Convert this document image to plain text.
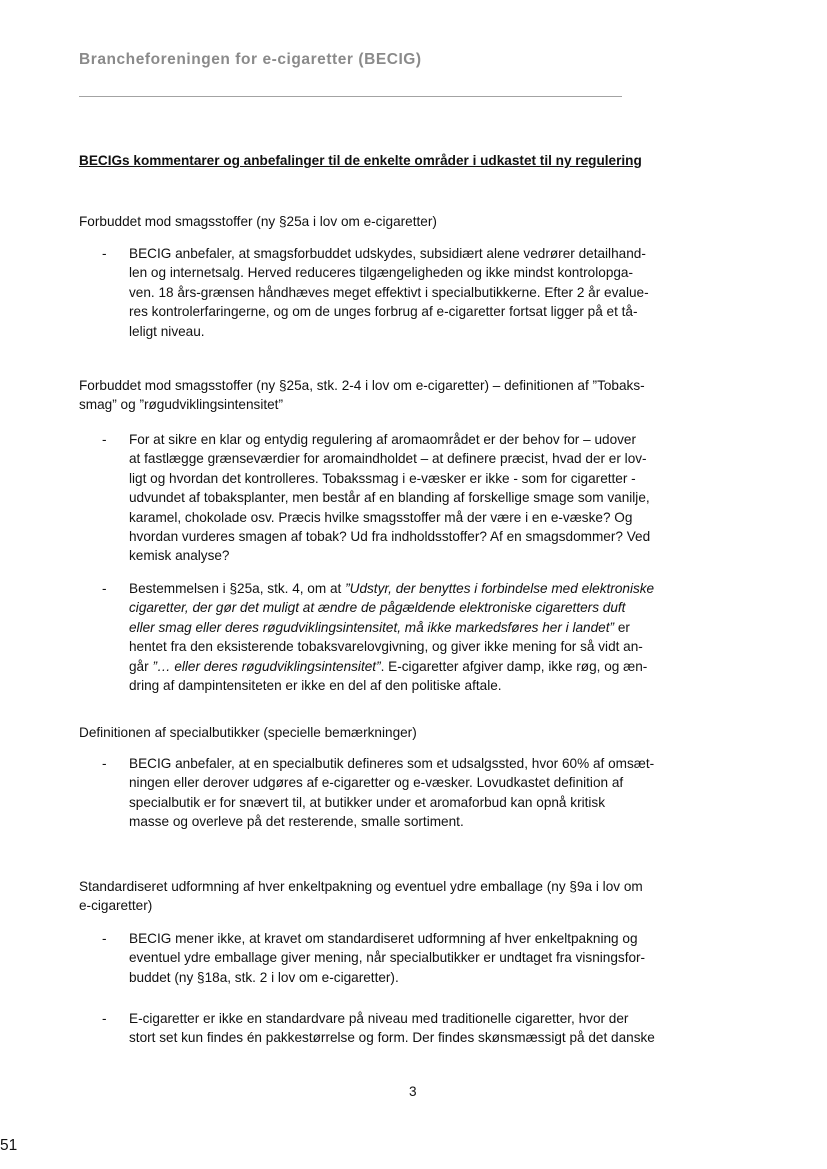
Brancheforeningen for e-cigaretter (BECIG)
BECIGs kommentarer og anbefalinger til de enkelte områder i udkastet til ny regulering

Forbuddet mod smagsstoffer (ny §25a i lov om e-cigaretter)

- BECIG anbefaler, at smagsforbuddet udskydes, subsidiært alene vedrører detailhand-
len og internetsalg. Herved reduceres tilgængeligheden og ikke mindst kontrolopga-
ven. 18 års-grænsen håndhæves meget effektivt i specialbutikkerne. Efter 2 år evalue-
res kontrolerfaringerne, og om de unges forbrug af e-cigaretter fortsat ligger på et tå-
leligt niveau.
Forbuddet mod smagsstoffer (ny §25a, stk. 2-4 i lov om e-cigaretter) – definitionen af ”Tobaks-
smag” og ”røgudviklingsintensitet”
- For at sikre en klar og entydig regulering af aromaområdet er der behov for – udover
at fastlægge grænseværdier for aromaindholdet – at definere præcist, hvad der er lov-
ligt og hvordan det kontrolleres. Tobakssmag i e-væsker er ikke - som for cigaretter -
udvundet af tobaksplanter, men består af en blanding af forskellige smage som vanilje,
karamel, chokolade osv. Præcis hvilke smagsstoffer må der være i en e-væske? Og
hvordan vurderes smagen af tobak? Ud fra indholdsstoffer? Af en smagsdommer? Ved
kemisk analyse?
- Bestemmelsen i §25a, stk. 4, om at ”Udstyr, der benyttes i forbindelse med elektroniske
cigaretter, der gør det muligt at ændre de pågældende elektroniske cigaretters duft
eller smag eller deres røgudviklingsintensitet, må ikke markedsføres her i landet” er
hentet fra den eksisterende tobaksvarelovgivning, og giver ikke mening for så vidt an-
går ”… eller deres røgudviklingsintensitet”. E-cigaretter afgiver damp, ikke røg, og æn-
dring af dampintensiteten er ikke en del af den politiske aftale.

Definitionen af specialbutikker (specielle bemærkninger)

- BECIG anbefaler, at en specialbutik defineres som et udsalgssted, hvor 60% af omsæt-
ningen eller derover udgøres af e-cigaretter og e-væsker. Lovudkastet definition af
specialbutik er for snævert til, at butikker under et aromaforbud kan opnå kritisk
masse og overleve på det resterende, smalle sortiment.
Standardiseret udformning af hver enkeltpakning og eventuel ydre emballage (ny §9a i lov om
e-cigaretter)
- BECIG mener ikke, at kravet om standardiseret udformning af hver enkeltpakning og
eventuel ydre emballage giver mening, når specialbutikker er undtaget fra visningsfor-
buddet (ny §18a, stk. 2 i lov om e-cigaretter).
- E-cigaretter er ikke en standardvare på niveau med traditionelle cigaretter, hvor der
stort set kun findes én pakkestørrelse og form. Der findes skønsmæssigt på det danske

3

51
